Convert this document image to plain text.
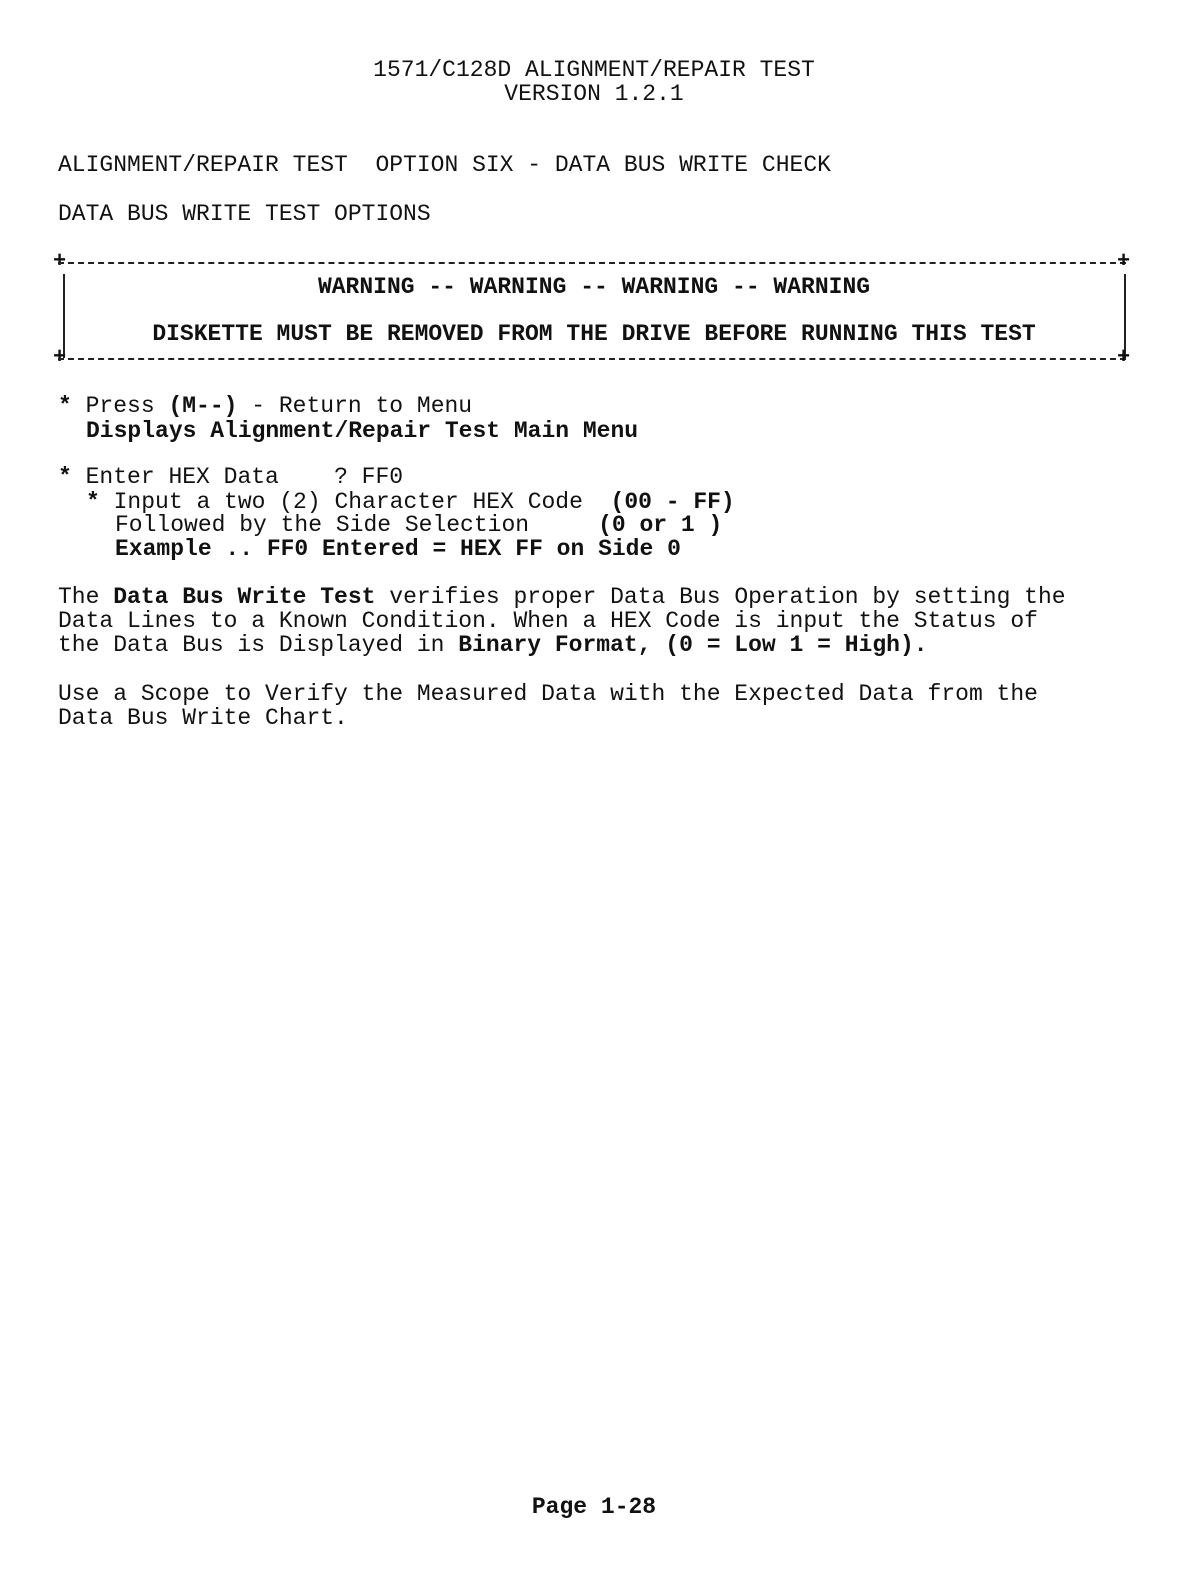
1571/C128D ALIGNMENT/REPAIR TEST
VERSION 1.2.1
ALIGNMENT/REPAIR TEST  OPTION SIX - DATA BUS WRITE CHECK
DATA BUS WRITE TEST OPTIONS
+	+
WARNING -- WARNING -- WARNING -- WARNING
DISKETTE MUST BE REMOVED FROM THE DRIVE BEFORE RUNNING THIS TEST
+	+
* Press (M--) - Return to Menu
Displays Alignment/Repair Test Main Menu
* Enter HEX Data    ? FF0
* Input a two (2) Character HEX Code  (00 - FF)
Followed by the Side Selection     (0 or 1 )
Example .. FF0 Entered = HEX FF on Side 0
The Data Bus Write Test verifies proper Data Bus Operation by setting the
Data Lines to a Known Condition. When a HEX Code is input the Status of
the Data Bus is Displayed in Binary Format, (0 = Low 1 = High).
Use a Scope to Verify the Measured Data with the Expected Data from the
Data Bus Write Chart.
Page 1-28
